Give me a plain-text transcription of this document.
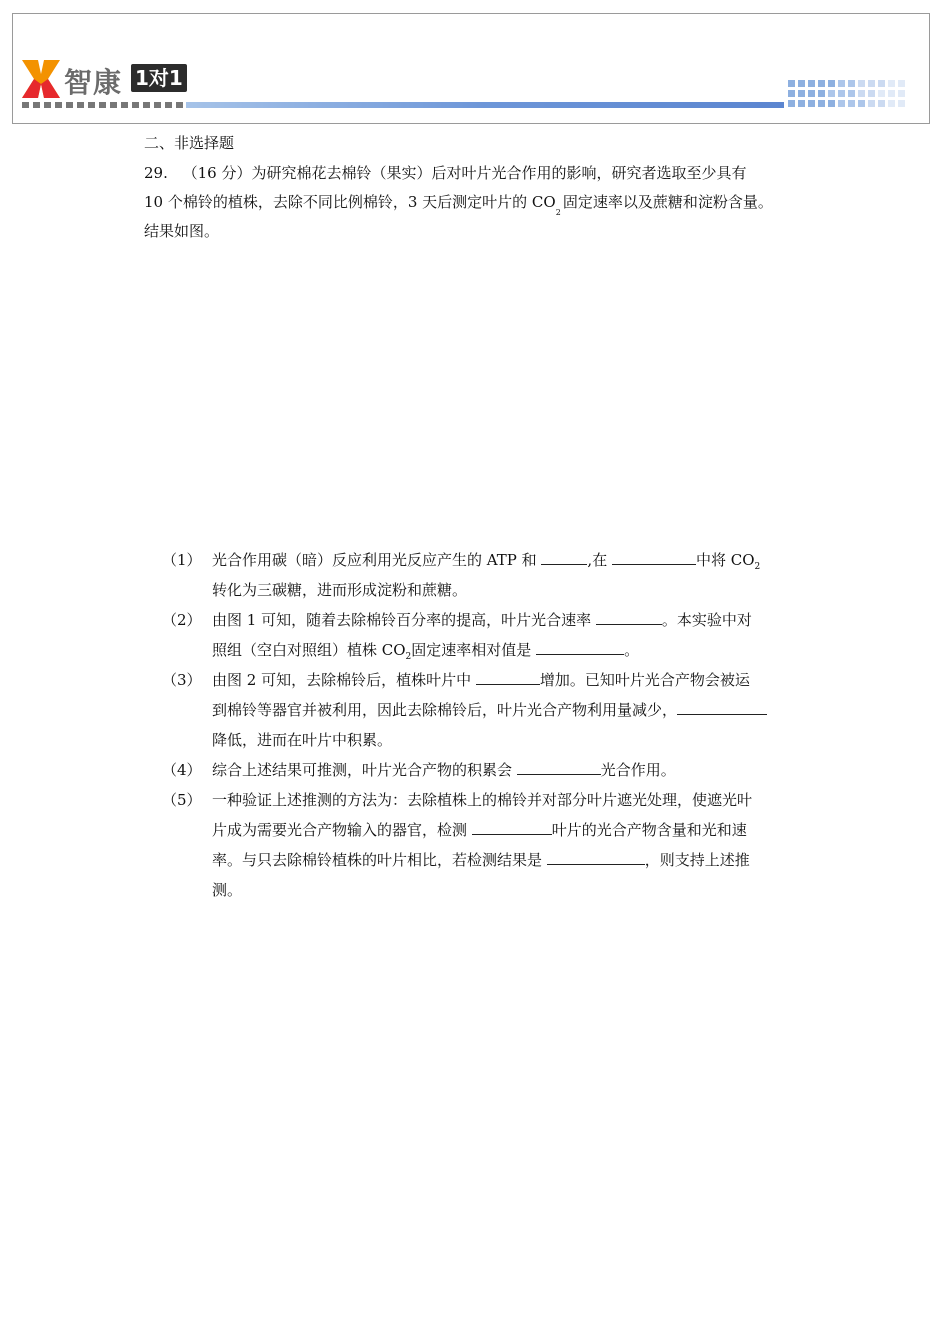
智康 1对1
二、非选择题
29. （16 分）为研究棉花去棉铃（果实）后对叶片光合作用的影响，研究者选取至少具有
10 个棉铃的植株，去除不同比例棉铃，3 天后测定叶片的 $CO_2$固定速率以及蔗糖和淀粉含量。
结果如图。
（1） 光合作用碳（暗）反应利用光反应产生的 ATP 和	,在	中将 $CO_2$
转化为三碳糖，进而形成淀粉和蔗糖。
（2） 由图 1 可知，随着去除棉铃百分率的提高，叶片光合速率	。本实验中对
照组（空白对照组）植株 $CO_2$固定速率相对值是	。
（3） 由图 2 可知，去除棉铃后，植株叶片中	增加。已知叶片光合产物会被运
到棉铃等器官并被利用，因此去除棉铃后，叶片光合产物利用量减少，
降低，进而在叶片中积累。
（4） 综合上述结果可推测，叶片光合产物的积累会	光合作用。
（5） 一种验证上述推测的方法为：去除植株上的棉铃并对部分叶片遮光处理，使遮光叶
片成为需要光合产物输入的器官，检测	叶片的光合产物含量和光和速
率。与只去除棉铃植株的叶片相比，若检测结果是	，则支持上述推
测。
